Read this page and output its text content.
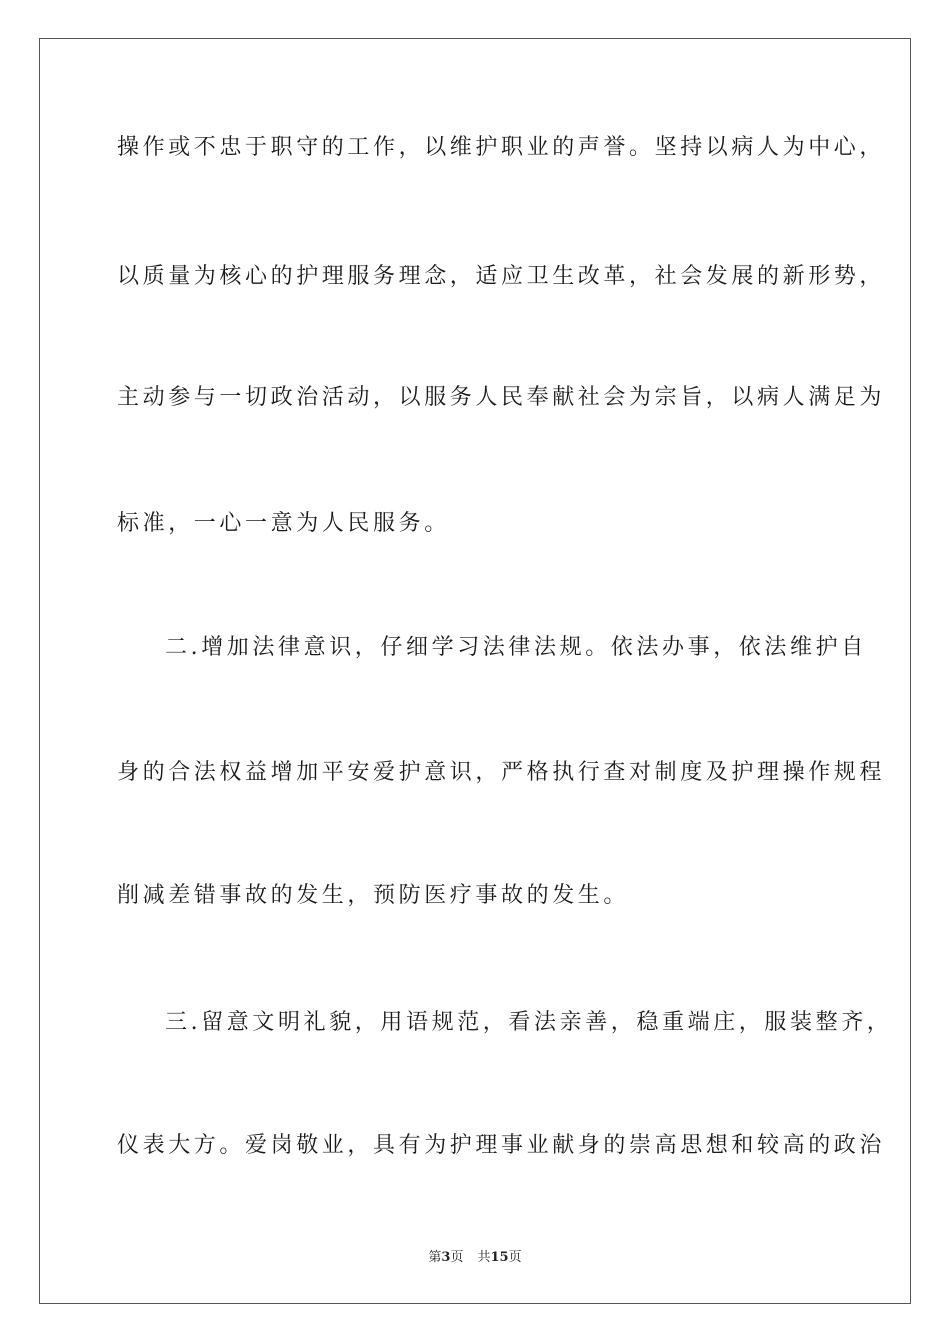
操作或不忠于职守的工作，以维护职业的声誉。坚持以病人为中心，
以质量为核心的护理服务理念，适应卫生改革，社会发展的新形势，
主动参与一切政治活动，以服务人民奉献社会为宗旨，以病人满足为
标准，一心一意为人民服务。
二.增加法律意识，仔细学习法律法规。依法办事，依法维护自
身的合法权益增加平安爱护意识，严格执行查对制度及护理操作规程
削减差错事故的发生，预防医疗事故的发生。
三.留意文明礼貌，用语规范，看法亲善，稳重端庄，服装整齐，
仪表大方。爱岗敬业，具有为护理事业献身的崇高思想和较高的政治
第3页 共15页
